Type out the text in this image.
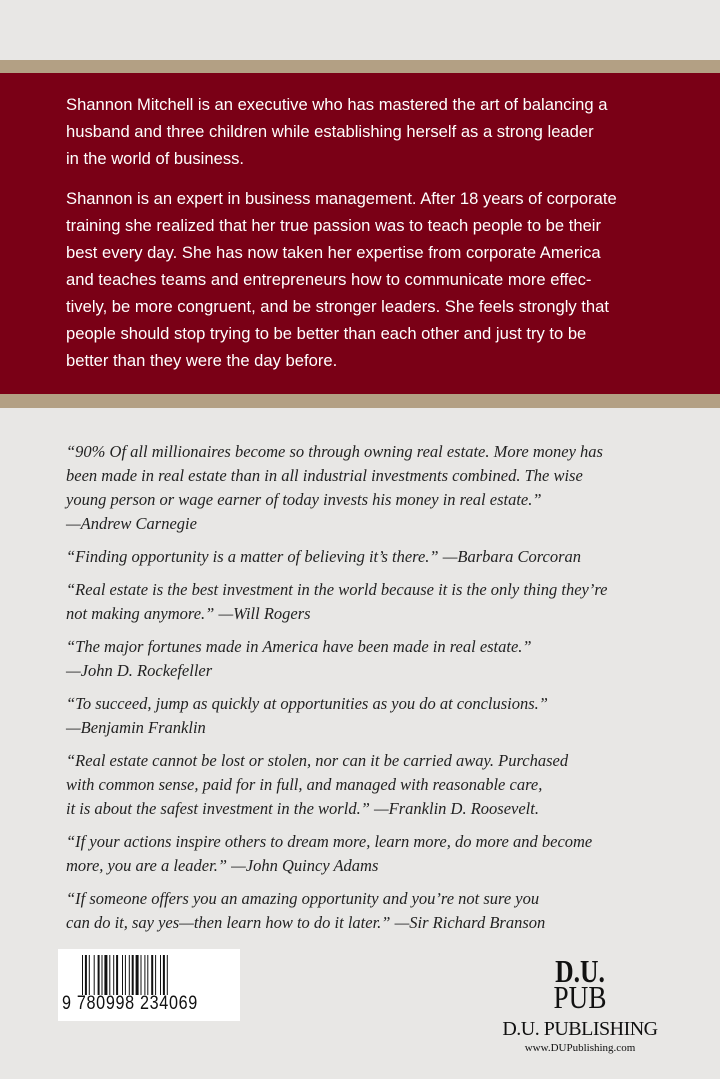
Shannon Mitchell is an executive who has mastered the art of balancing a
husband and three children while establishing herself as a strong leader
in the world of business.
Shannon is an expert in business management. After 18 years of corporate
training she realized that her true passion was to teach people to be their
best every day. She has now taken her expertise from corporate America
and teaches teams and entrepreneurs how to communicate more effec-
tively, be more congruent, and be stronger leaders. She feels strongly that
people should stop trying to be better than each other and just try to be
better than they were the day before.
“90% Of all millionaires become so through owning real estate. More money has
been made in real estate than in all industrial investments combined. The wise
young person or wage earner of today invests his money in real estate.”
—Andrew Carnegie
“Finding opportunity is a matter of believing it’s there.” —Barbara Corcoran
“Real estate is the best investment in the world because it is the only thing they’re
not making anymore.” —Will Rogers
“The major fortunes made in America have been made in real estate.”
—John D. Rockefeller
“To succeed, jump as quickly at opportunities as you do at conclusions.”
—Benjamin Franklin
“Real estate cannot be lost or stolen, nor can it be carried away. Purchased
with common sense, paid for in full, and managed with reasonable care,
it is about the safest investment in the world.” —Franklin D. Roosevelt.
“If your actions inspire others to dream more, learn more, do more and become
more, you are a leader.” —John Quincy Adams
“If someone offers you an amazing opportunity and you’re not sure you
can do it, say yes—then learn how to do it later.” —Sir Richard Branson
9 780998 234069
D.U.
PUB
D.U. PUBLISHING
www.DUPublishing.com
